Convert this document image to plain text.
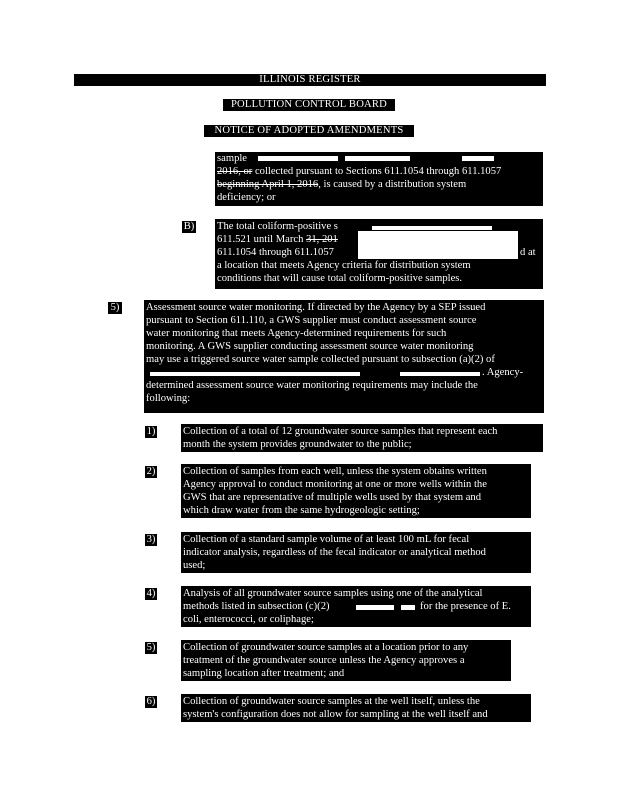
ILLINOIS REGISTER
POLLUTION CONTROL BOARD
NOTICE OF ADOPTED AMENDMENTS
sample
2016, or collected pursuant to Sections 611.1054 through 611.1057
beginning April 1, 2016, is caused by a distribution system
deficiency; or
B) The total coliform-positive s
611.521 until March 31, 201
611.1054 through 611.1057	d at
a location that meets Agency criteria for distribution system
conditions that will cause total coliform-positive samples.
5)	Assessment source water monitoring. If directed by the Agency by a SEP issued
pursuant to Section 611.110, a GWS supplier must conduct assessment source
water monitoring that meets Agency-determined requirements for such
monitoring. A GWS supplier conducting assessment source water monitoring
may use a triggered source water sample collected pursuant to subsection (a)(2) of
. Agency-
determined assessment source water monitoring requirements may include the
following:
1)	Collection of a total of 12 groundwater source samples that represent each
month the system provides groundwater to the public;
2)	Collection of samples from each well, unless the system obtains written
Agency approval to conduct monitoring at one or more wells within the
GWS that are representative of multiple wells used by that system and
which draw water from the same hydrogeologic setting;
3)	Collection of a standard sample volume of at least 100 mL for fecal
indicator analysis, regardless of the fecal indicator or analytical method
used;
4)	Analysis of all groundwater source samples using one of the analytical
methods listed in subsection (c)(2)	for the presence of E.
coli, enterococci, or coliphage;
5)	Collection of groundwater source samples at a location prior to any
treatment of the groundwater source unless the Agency approves a
sampling location after treatment; and
6)	Collection of groundwater source samples at the well itself, unless the
system's configuration does not allow for sampling at the well itself and
